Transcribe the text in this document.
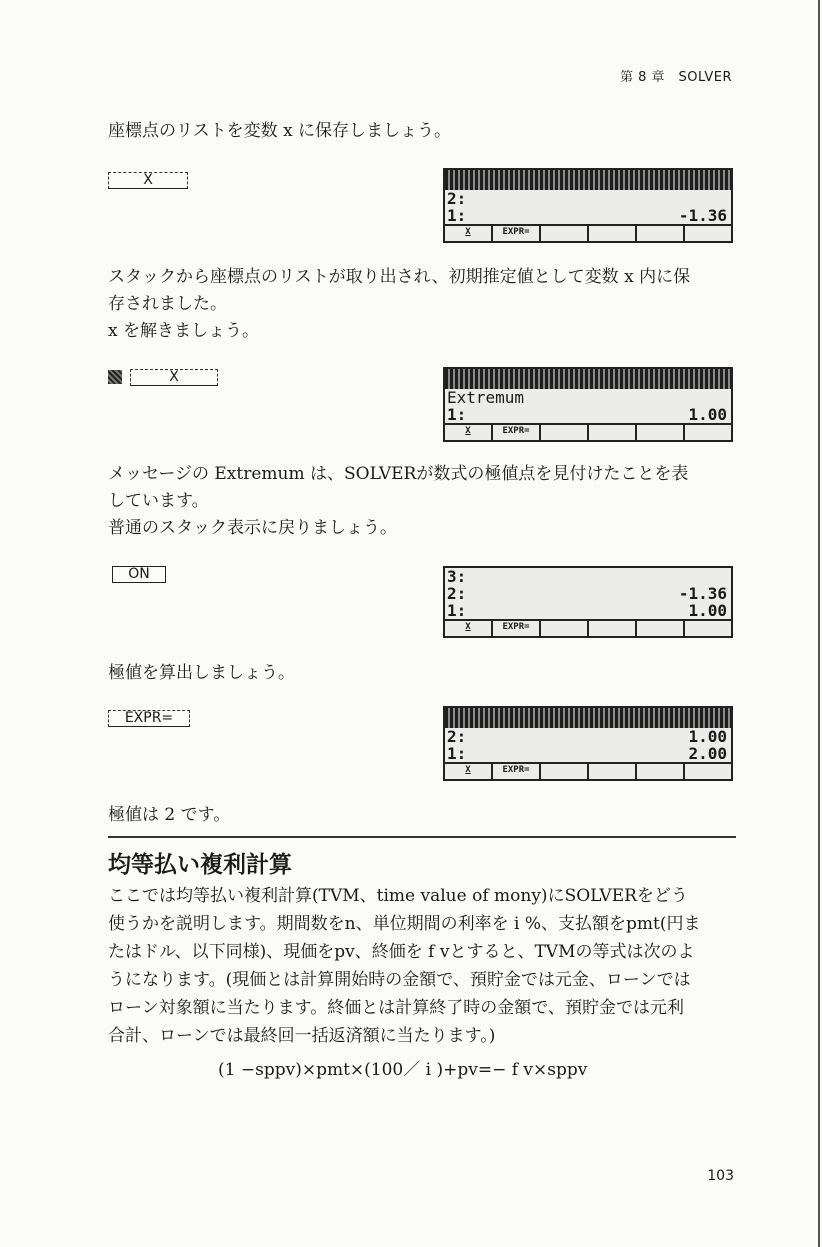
第 8 章　SOLVER

座標点のリストを変数 x に保存しましょう。

X
2:
1:	-1.36
X	EXPR=

スタックから座標点のリストが取り出され、初期推定値として変数 x 内に保

存されました。

x を解きましょう。

X
Extremum
1:	1.00
X	EXPR=

メッセージの Extremum は、SOLVERが数式の極値点を見付けたことを表

しています。

普通のスタック表示に戻りましょう。

ON	3:
2:	-1.36
1:	1.00
X	EXPR=

極値を算出しましょう。

EXPR=
2:	1.00
1:	2.00
X	EXPR=

極値は 2 です。

均等払い複利計算

ここでは均等払い複利計算(TVM、time value of mony)にSOLVERをどう

使うかを説明します。期間数をn、単位期間の利率を i %、支払額をpmt(円ま

たはドル、以下同様)、現価をpv、終価を f vとすると、TVMの等式は次のよ

うになります。(現価とは計算開始時の金額で、預貯金では元金、ローンでは

ローン対象額に当たります。終価とは計算終了時の金額で、預貯金では元利

合計、ローンでは最終回一括返済額に当たります。)

(1 −sppv)×pmt×(100／ i )+pv=− f v×sppv
103
